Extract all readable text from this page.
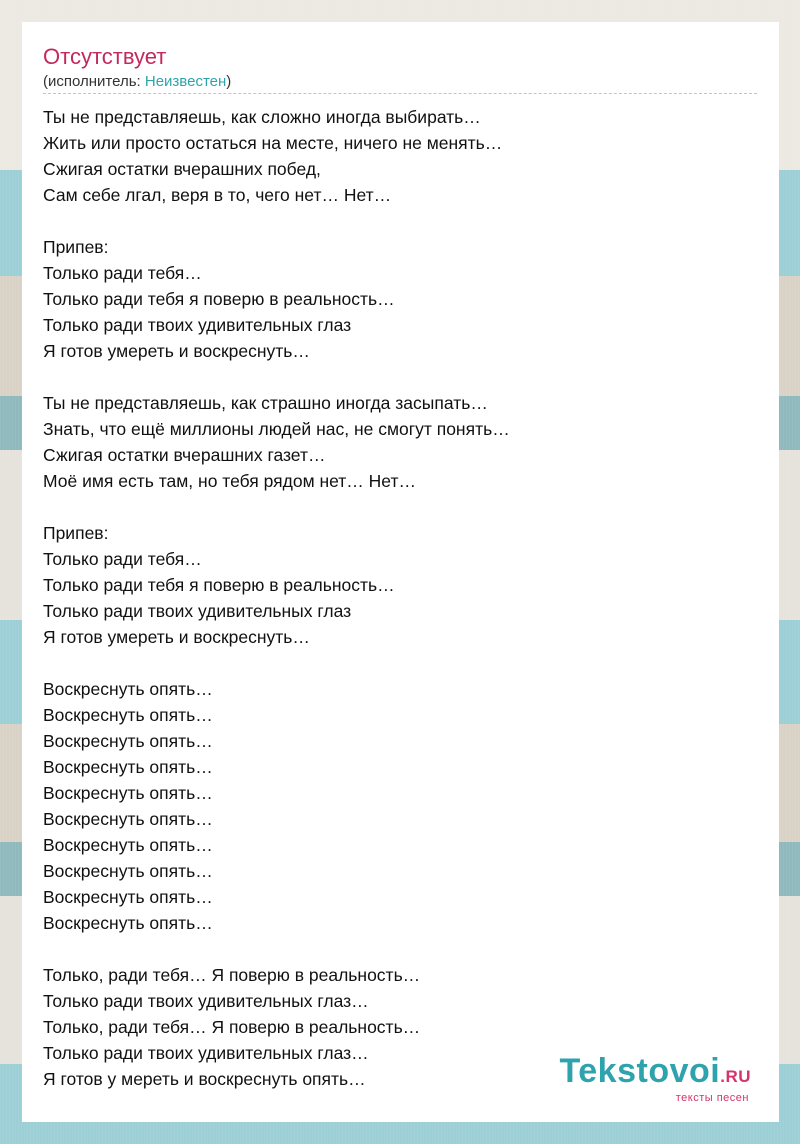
Отсутствует
(исполнитель: Неизвестен)
Ты не представляешь, как сложно иногда выбирать…
Жить или просто остаться на месте, ничего не менять…
Сжигая остатки вчерашних побед,
Сам себе лгал, веря в то, чего нет… Нет…
Припев:
Только ради тебя…
Только ради тебя я поверю в реальность…
Только ради твоих удивительных глаз
Я готов умереть и воскреснуть…
Ты не представляешь, как страшно иногда засыпать…
Знать, что ещё миллионы людей нас, не смогут понять…
Сжигая остатки вчерашних газет…
Моё имя есть там, но тебя рядом нет… Нет…
Припев:
Только ради тебя…
Только ради тебя я поверю в реальность…
Только ради твоих удивительных глаз
Я готов умереть и воскреснуть…
Воскреснуть опять…
Воскреснуть опять…
Воскреснуть опять…
Воскреснуть опять…
Воскреснуть опять…
Воскреснуть опять…
Воскреснуть опять…
Воскреснуть опять…
Воскреснуть опять…
Воскреснуть опять…
Только, ради тебя… Я поверю в реальность…
Только ради твоих удивительных глаз…
Только, ради тебя… Я поверю в реальность…
Только ради твоих удивительных глаз…
Я готов у мереть и воскреснуть опять…	Tekstovoi.RU
тексты песен
